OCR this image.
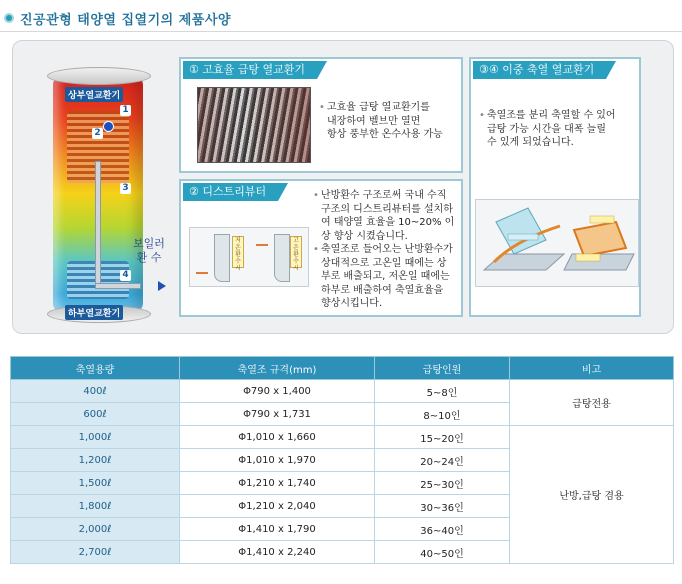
진공관형 태양열 집열기의 제품사양
상부열교환기
하부열교환기
1
2
3
4
보일러
환 수
① 고효율 급탕 열교환기
• 고효율 급탕 열교환기를
내장하여 벨브만 열면
항상 풍부한 온수사용 가능
② 디스트리뷰터
저온환수시
고온환수시
• 난방환수 구조로써 국내 수직
구조의 디스트리뷰터를 설치하
여 태양열 효율을 10~20% 이
상 향상 시켰습니다.
• 축열조로 들어오는 난방환수가
상대적으로 고온일 때에는 상
부로 배출되고, 저온일 때에는
하부로 배출하여 축열효율을
향상시킵니다.
③④ 이중 축열 열교환기
• 축열조를 분리 축열할 수 있어
급탕 가능 시간을 대폭 늘릴
수 있게 되었습니다.
축열용량	축열조 규격(mm)	급탕인원	비고
400ℓ	Φ790 x 1,400	5~8인	급탕전용
600ℓ	Φ790 x 1,731	8~10인	
1,000ℓ	Φ1,010 x 1,660	15~20인	난방,급탕 겸용
1,200ℓ	Φ1,010 x 1,970	20~24인	
1,500ℓ	Φ1,210 x 1,740	25~30인	
1,800ℓ	Φ1,210 x 2,040	30~36인	
2,000ℓ	Φ1,410 x 1,790	36~40인	
2,700ℓ	Φ1,410 x 2,240	40~50인	
